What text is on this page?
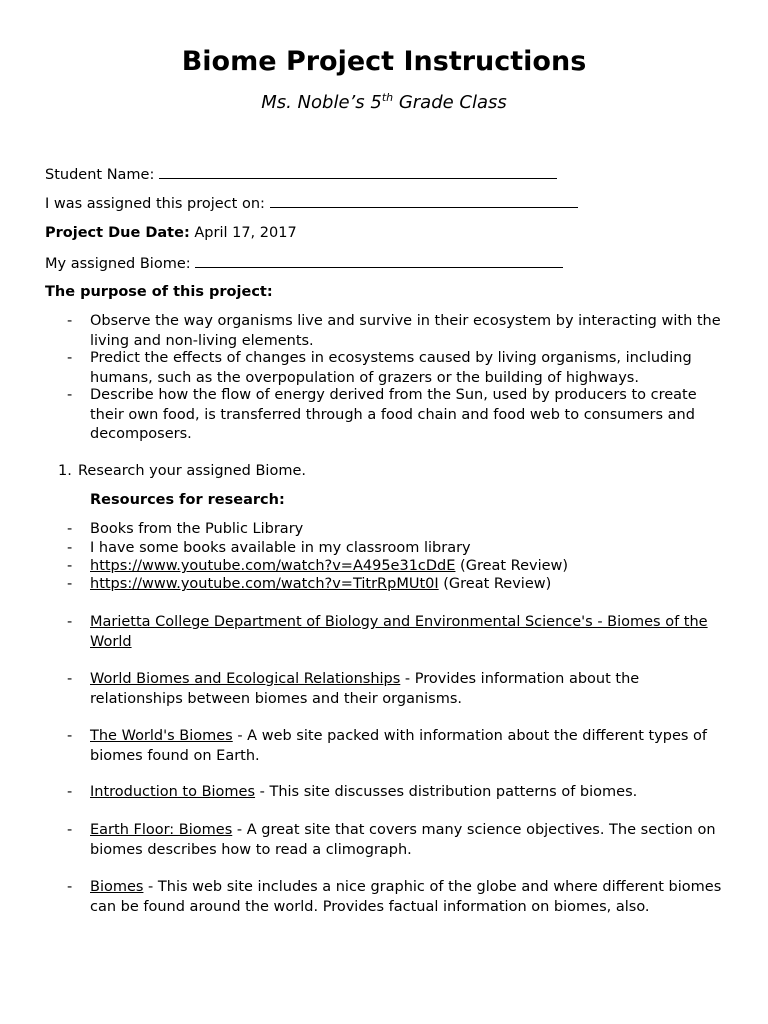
Biome Project Instructions
Ms. Noble’s 5th Grade Class
Student Name:
I was assigned this project on:
Project Due Date: April 17, 2017
My assigned Biome:
The purpose of this project:
- Observe the way organisms live and survive in their ecosystem by interacting with the living and non-living elements.
- Predict the effects of changes in ecosystems caused by living organisms, including humans, such as the overpopulation of grazers or the building of highways.
- Describe how the flow of energy derived from the Sun, used by producers to create their own food, is transferred through a food chain and food web to consumers and decomposers.
1. Research your assigned Biome.
Resources for research:
- Books from the Public Library
- I have some books available in my classroom library
- https://www.youtube.com/watch?v=A495e31cDdE (Great Review)
- https://www.youtube.com/watch?v=TitrRpMUt0I (Great Review)
- Marietta College Department of Biology and Environmental Science's - Biomes of the World
- World Biomes and Ecological Relationships - Provides information about the relationships between biomes and their organisms.
- The World's Biomes - A web site packed with information about the different types of biomes found on Earth.
- Introduction to Biomes - This site discusses distribution patterns of biomes.
- Earth Floor: Biomes - A great site that covers many science objectives. The section on biomes describes how to read a climograph.
- Biomes - This web site includes a nice graphic of the globe and where different biomes can be found around the world. Provides factual information on biomes, also.
